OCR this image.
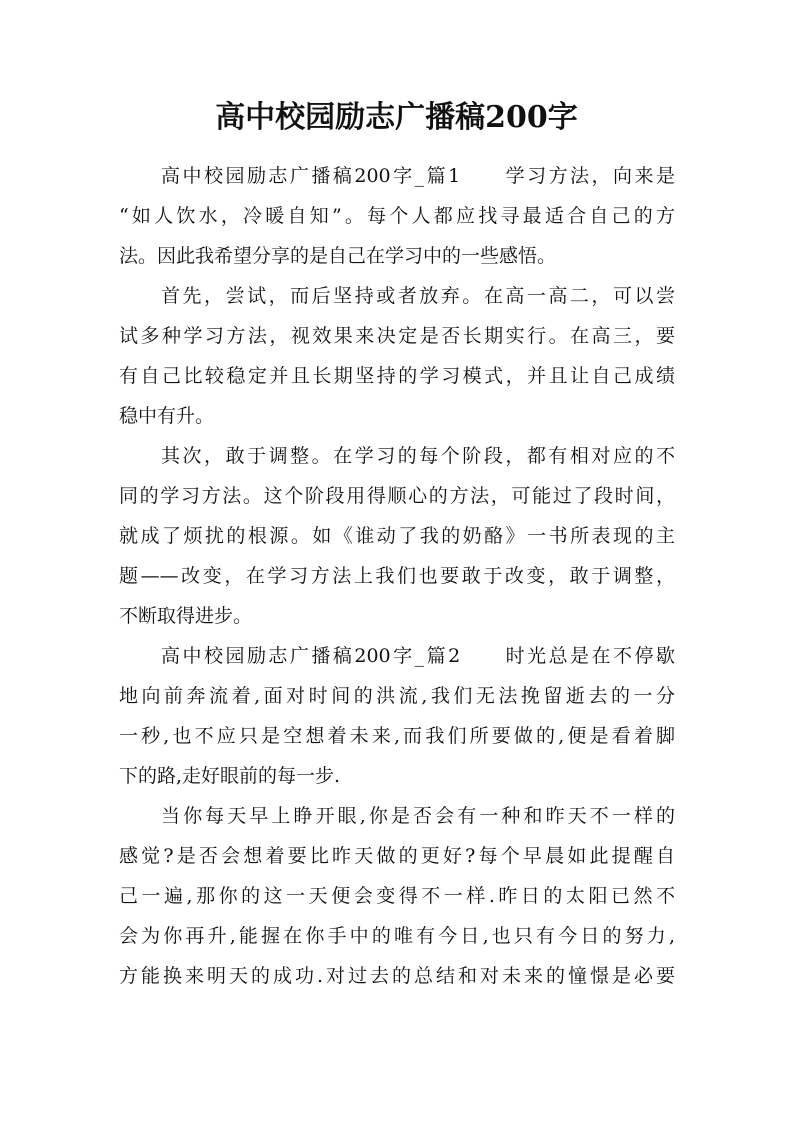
高中校园励志广播稿200字
高中校园励志广播稿200字_篇1　　学习方法，向来是
“如人饮水，冷暖自知”。每个人都应找寻最适合自己的方
法。因此我希望分享的是自己在学习中的一些感悟。
首先，尝试，而后坚持或者放弃。在高一高二，可以尝
试多种学习方法，视效果来决定是否长期实行。在高三，要
有自己比较稳定并且长期坚持的学习模式，并且让自己成绩
稳中有升。
其次，敢于调整。在学习的每个阶段，都有相对应的不
同的学习方法。这个阶段用得顺心的方法，可能过了段时间，
就成了烦扰的根源。如《谁动了我的奶酪》一书所表现的主
题——改变，在学习方法上我们也要敢于改变，敢于调整，
不断取得进步。
高中校园励志广播稿200字_篇2　　时光总是在不停歇
地向前奔流着,面对时间的洪流,我们无法挽留逝去的一分
一秒,也不应只是空想着未来,而我们所要做的,便是看着脚
下的路,走好眼前的每一步.
当你每天早上睁开眼,你是否会有一种和昨天不一样的
感觉?是否会想着要比昨天做的更好?每个早晨如此提醒自
己一遍,那你的这一天便会变得不一样.昨日的太阳已然不
会为你再升,能握在你手中的唯有今日,也只有今日的努力,
方能换来明天的成功.对过去的总结和对未来的憧憬是必要
